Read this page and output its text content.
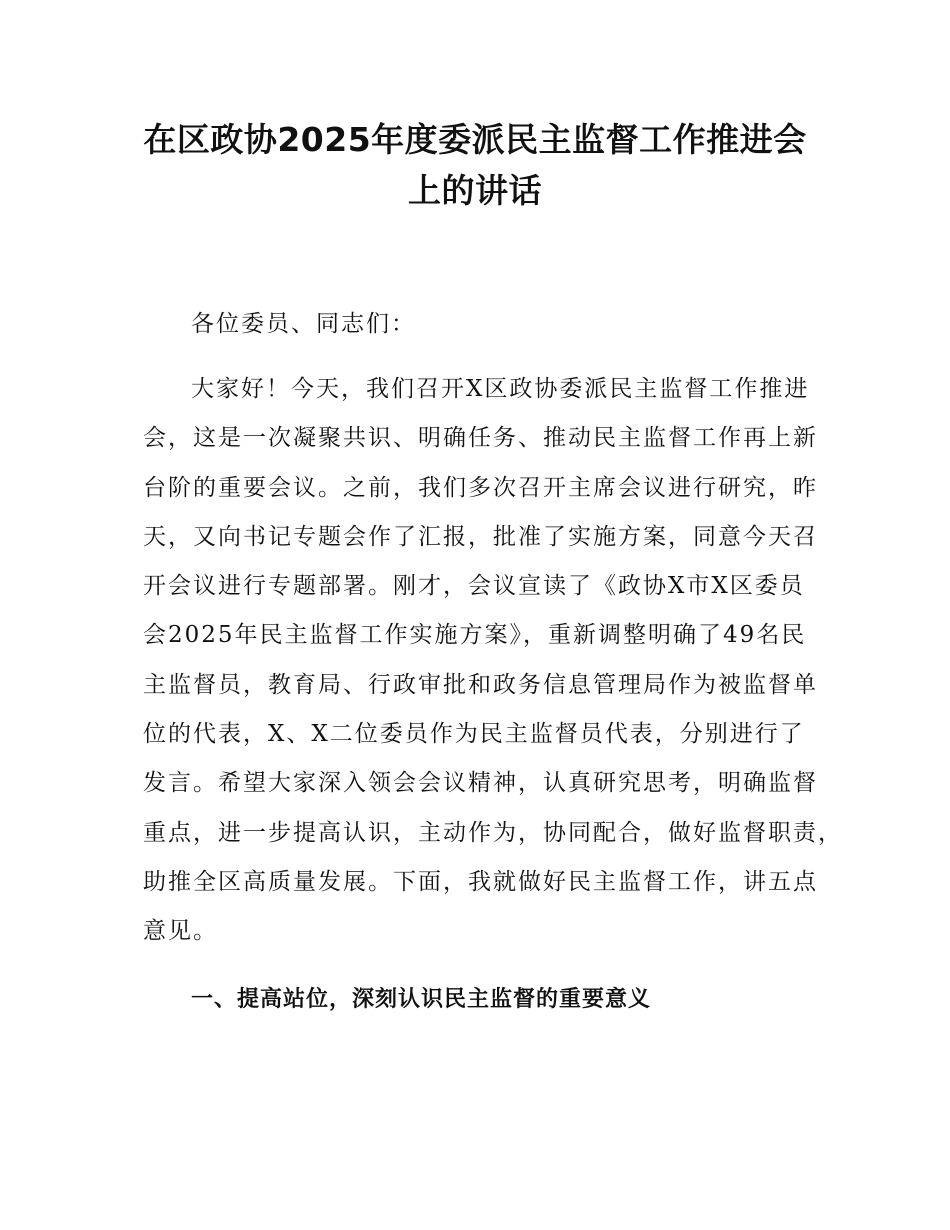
在区政协2025年度委派民主监督工作推进会
上的讲话

各位委员、同志们：

大家好！今天，我们召开X区政协委派民主监督工作推进
会，这是一次凝聚共识、明确任务、推动民主监督工作再上新
台阶的重要会议。之前，我们多次召开主席会议进行研究，昨
天，又向书记专题会作了汇报，批准了实施方案，同意今天召
开会议进行专题部署。刚才，会议宣读了《政协X市X区委员
会2025年民主监督工作实施方案》，重新调整明确了49名民
主监督员，教育局、行政审批和政务信息管理局作为被监督单
位的代表，X、X二位委员作为民主监督员代表，分别进行了
发言。希望大家深入领会会议精神，认真研究思考，明确监督
重点，进一步提高认识，主动作为，协同配合，做好监督职责，
助推全区高质量发展。下面，我就做好民主监督工作，讲五点
意见。
一、提高站位，深刻认识民主监督的重要意义
